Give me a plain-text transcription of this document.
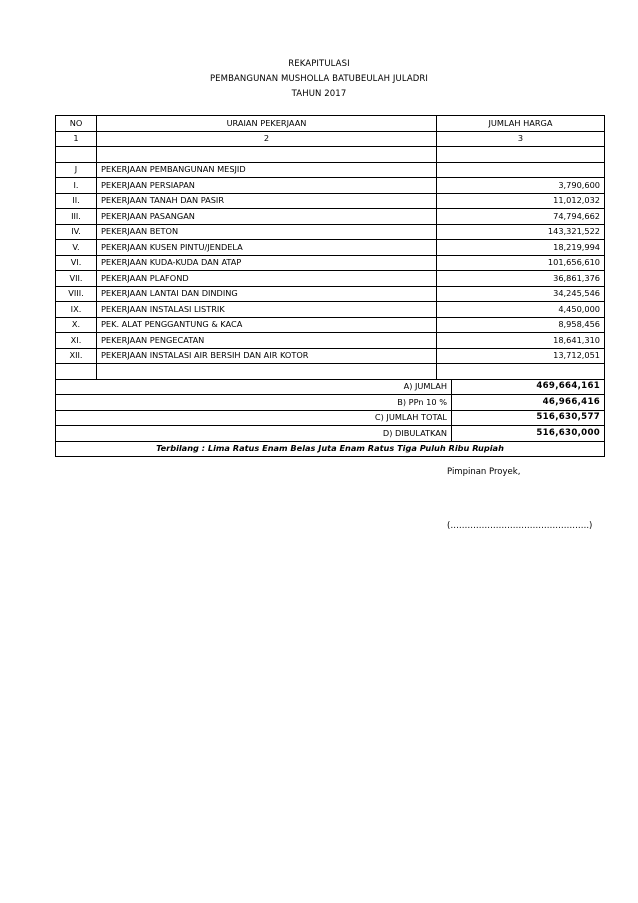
REKAPITULASI
PEMBANGUNAN MUSHOLLA BATUBEULAH JULADRI
TAHUN 2017
NO	URAIAN PEKERJAAN	JUMLAH HARGA	
1	2	3	

J	PEKERJAAN PEMBANGUNAN MESJID		
I.	PEKERJAAN PERSIAPAN	3,790,600	
II.	PEKERJAAN TANAH DAN PASIR	11,012,032	
III.	PEKERJAAN PASANGAN	74,794,662	
IV.	PEKERJAAN BETON	143,321,522	
V.	PEKERJAAN KUSEN PINTU/JENDELA	18,219,994	
VI.	PEKERJAAN KUDA-KUDA DAN ATAP	101,656,610	
VII.	PEKERJAAN PLAFOND	36,861,376	
VIII.	PEKERJAAN LANTAI DAN DINDING	34,245,546	
IX.	PEKERJAAN INSTALASI LISTRIK	4,450,000	
X.	PEK. ALAT PENGGANTUNG & KACA	8,958,456	
XI.	PEKERJAAN PENGECATAN	18,641,310	
XII.	PEKERJAAN INSTALASI AIR BERSIH DAN AIR KOTOR	13,712,051	

A) JUMLAH			469,664,161
B) PPn 10 %			46,966,416
C) JUMLAH TOTAL			516,630,577
D) DIBULATKAN			516,630,000
Terbilang : Lima Ratus Enam Belas Juta Enam Ratus Tiga Puluh Ribu Rupiah			
Pimpinan Proyek,
(………………………………………….)
